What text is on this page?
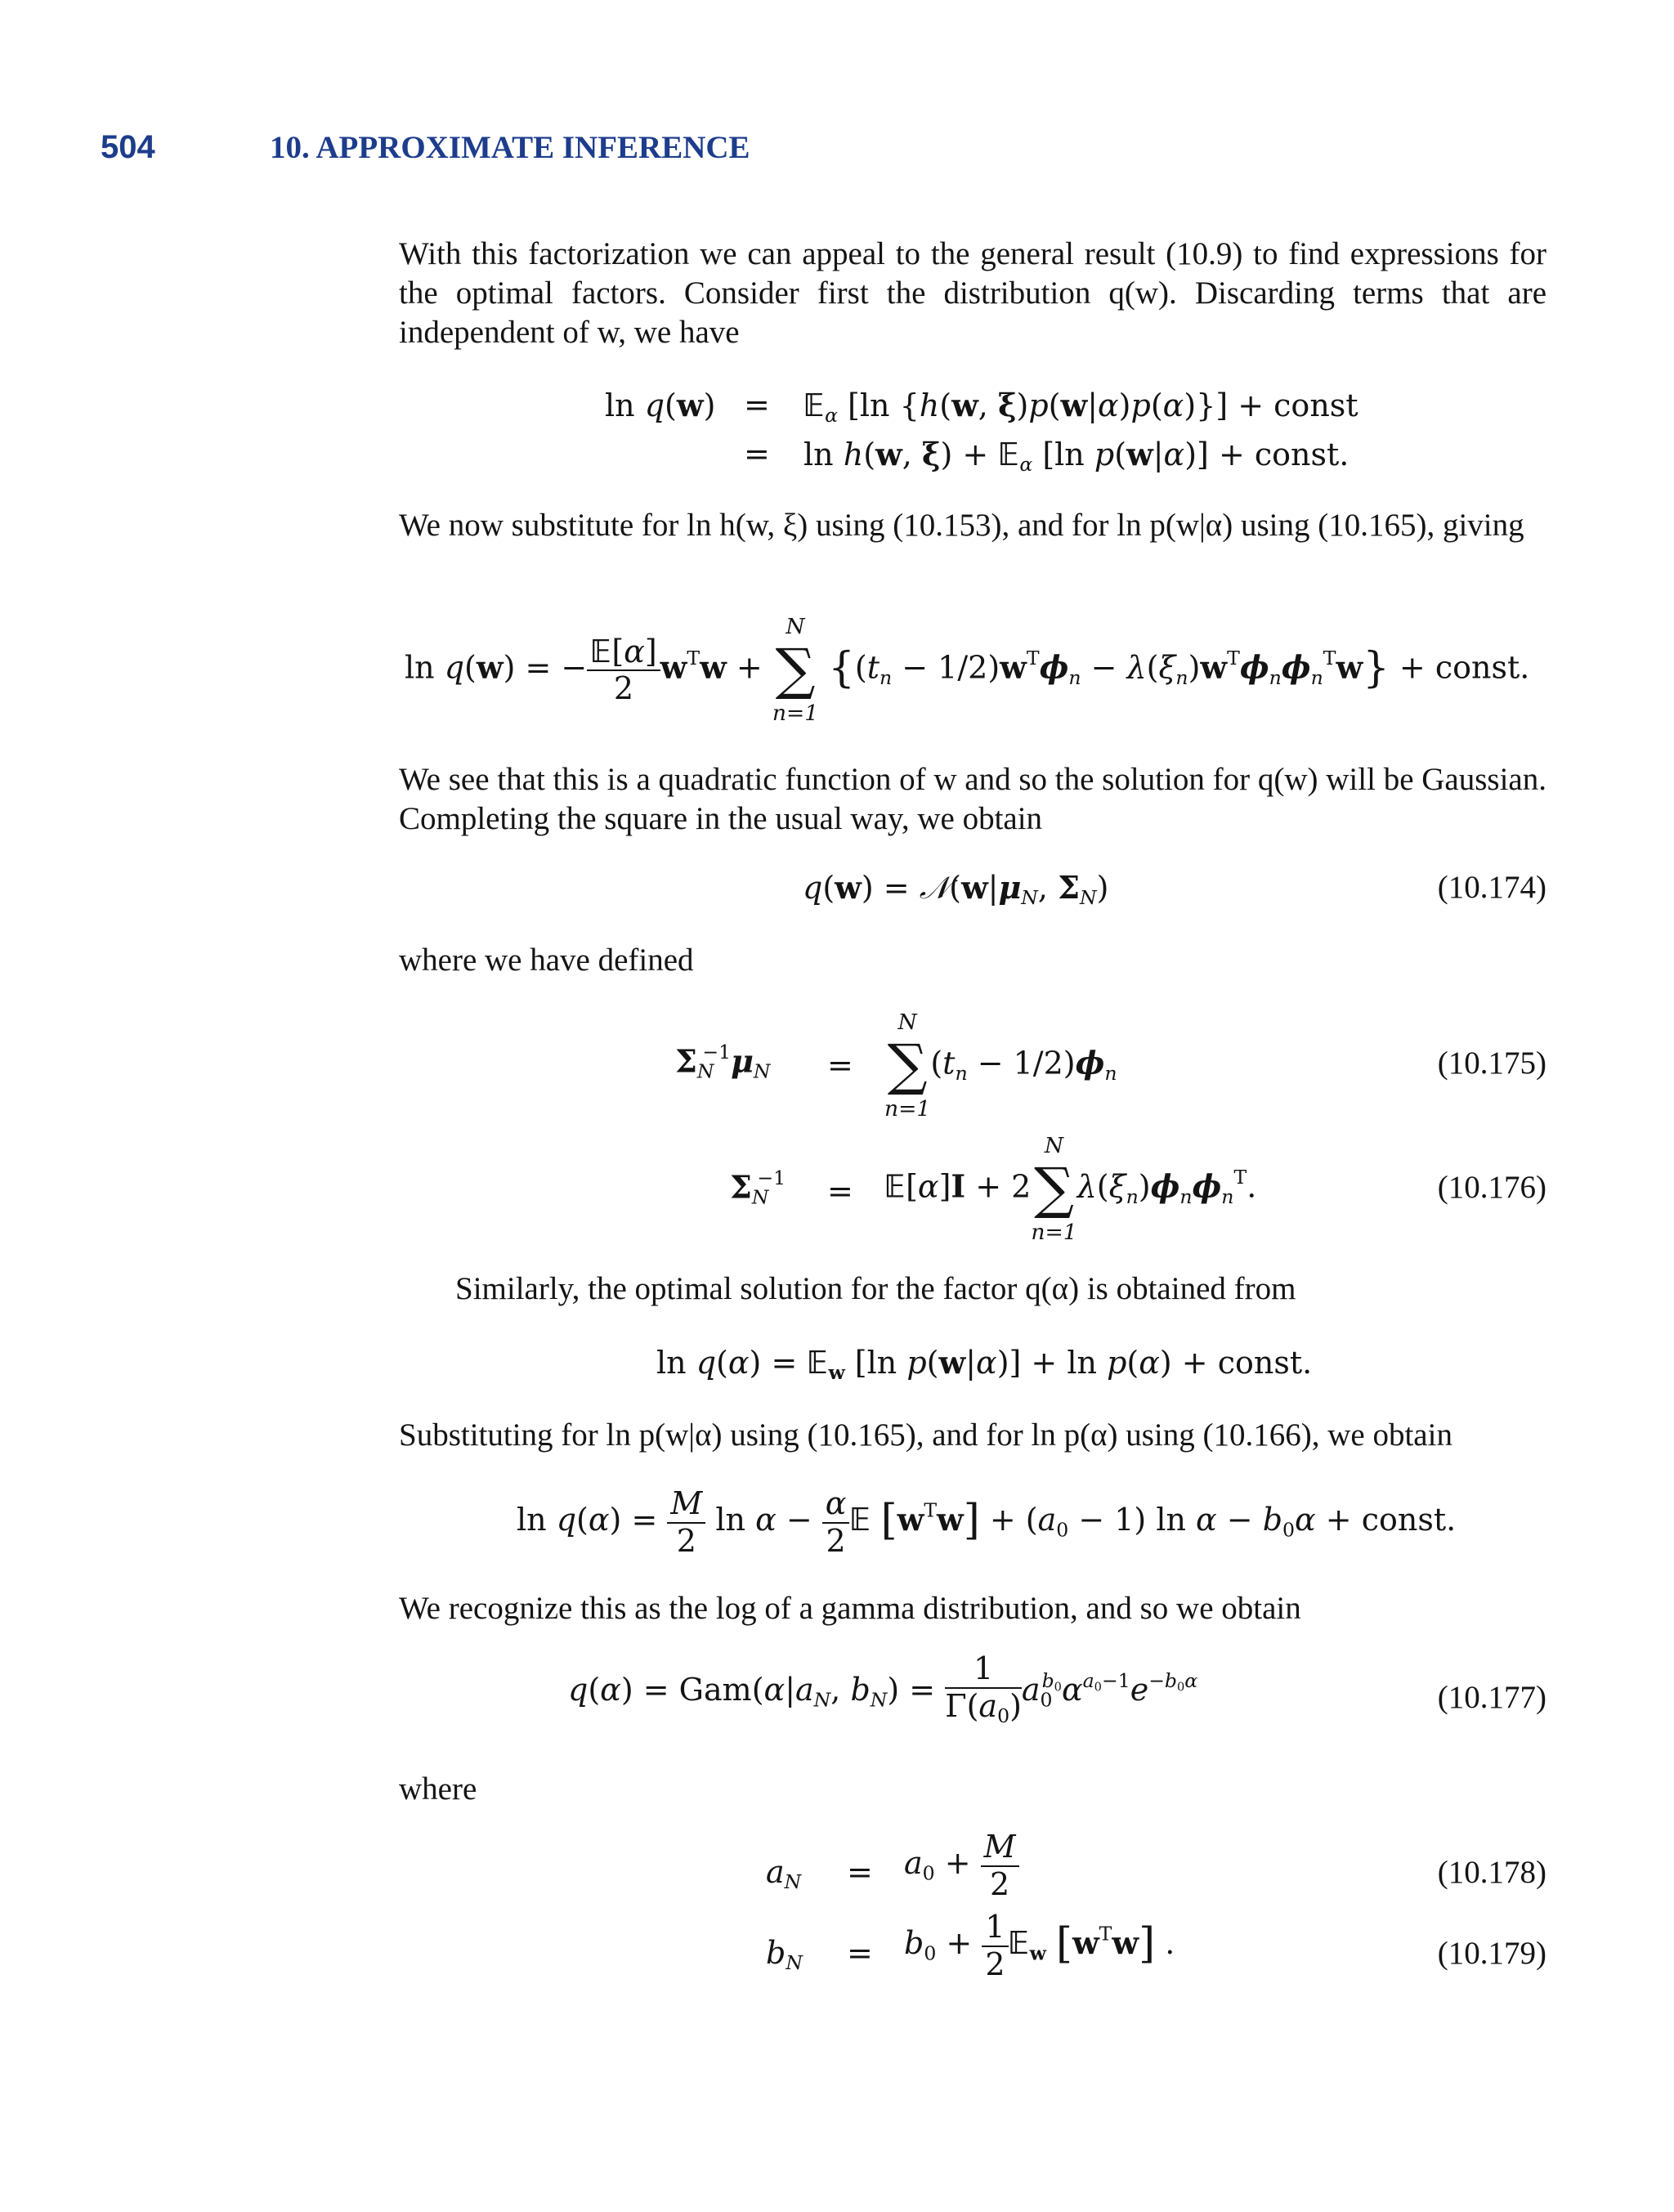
504	10. APPROXIMATE INFERENCE

With this factorization we can appeal to the general result (10.9) to find expressions for the optimal factors. Consider first the distribution q(w). Discarding terms that are independent of w, we have

ln q(w) = 𝔼$_\alpha$ [ln {h(w, ξ)p(w|α)p(α)}] + const
= ln h(w, ξ) + 𝔼$_\alpha$ [ln p(w|α)] + const.

We now substitute for ln h(w, ξ) using (10.153), and for ln p(w|α) using (10.165), giving

ln q(w) = − $\frac{\text{𝔼[α]}}{2} w^Tw$ +
N
∑
n=1
$\{(t_n - 1/2)w^T\phi_n - \lambda(\xi_n)w^T\phi_n\phi_n^Tw\}$ + const.

We see that this is a quadratic function of w and so the solution for q(w) will be Gaussian. Completing the square in the usual way, we obtain

$q(w) = 𝒩(w|\mu_N$, $\Sigma_N$)	(10.174)

where we have defined

$\Sigma_N^{-1}\mu_N$ =
N
∑
n=1
$(t_n - 1/2)\phi_n$	(10.175)
$\Sigma_N^{-1}$ = 𝔼[α]I + 2
N
∑
n=1
$\lambda(\xi_n)\phi_n\phi_n^T$.	(10.176)

Similarly, the optimal solution for the factor q(α) is obtained from

ln q(α) = 𝔼$_w$ [ln p(w|α)] + ln p(α) + const.

Substituting for ln p(w|α) using (10.165), and for ln p(α) using (10.166), we obtain

$\ln q(\alpha) = \frac{M}{2}$ $\ln \alpha - \frac{\alpha}{2}$ 𝔼 $[w^Tw] + (a_0 - 1)$ $\ln \alpha - b_0\alpha$ + const.

We recognize this as the log of a gamma distribution, and so we obtain

$q(\alpha) = Gam(\alpha|a_N$, $b_N) = \frac{1}{\Gamma(a_0)} a_0^{b_0}\alpha^{a_0-1}e^{-b_0\alpha}$	(10.177)

where

$a_N = a_0 + \frac{M}{2}$	(10.178)
$b_N = b_0 + \frac{1}{2}$ 𝔼$_w$ $[w^Tw]$ .	(10.179)
